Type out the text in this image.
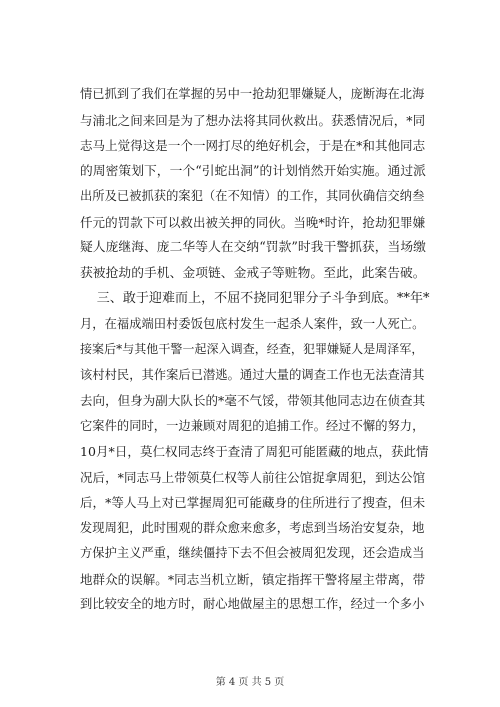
情已抓到了我们在掌握的另中一抢劫犯罪嫌疑人，庞断海在北海
与浦北之间来回是为了想办法将其同伙救出。获悉情况后，*同
志马上觉得这是一个一网打尽的绝好机会，于是在*和其他同志
的周密策划下，一个“引蛇出洞”的计划悄然开始实施。通过派
出所及已被抓获的案犯（在不知情）的工作，其同伙确信交纳叁
仟元的罚款下可以救出被关押的同伙。当晚*时许，抢劫犯罪嫌
疑人庞继海、庞二华等人在交纳“罚款”时我干警抓获，当场缴
获被抢劫的手机、金项链、金戒子等赃物。至此，此案告破。
三、敢于迎难而上，不屈不挠同犯罪分子斗争到底。**年*
月，在福成端田村委饭包底村发生一起杀人案件，致一人死亡。
接案后*与其他干警一起深入调查，经查，犯罪嫌疑人是周泽军，
该村村民，其作案后已潜逃。通过大量的调查工作也无法查清其
去向，但身为副大队长的*毫不气馁，带领其他同志边在侦查其
它案件的同时，一边兼顾对周犯的追捕工作。经过不懈的努力，
10月*日，莫仁权同志终于查清了周犯可能匿藏的地点，获此情
况后，*同志马上带领莫仁权等人前往公馆捉拿周犯，到达公馆
后，*等人马上对已掌握周犯可能藏身的住所进行了搜查，但未
发现周犯，此时围观的群众愈来愈多，考虑到当场治安复杂，地
方保护主义严重，继续僵持下去不但会被周犯发现，还会造成当
地群众的误解。*同志当机立断，镇定指挥干警将屋主带离，带
到比较安全的地方时，耐心地做屋主的思想工作，经过一个多小
第 4 页 共 5 页
